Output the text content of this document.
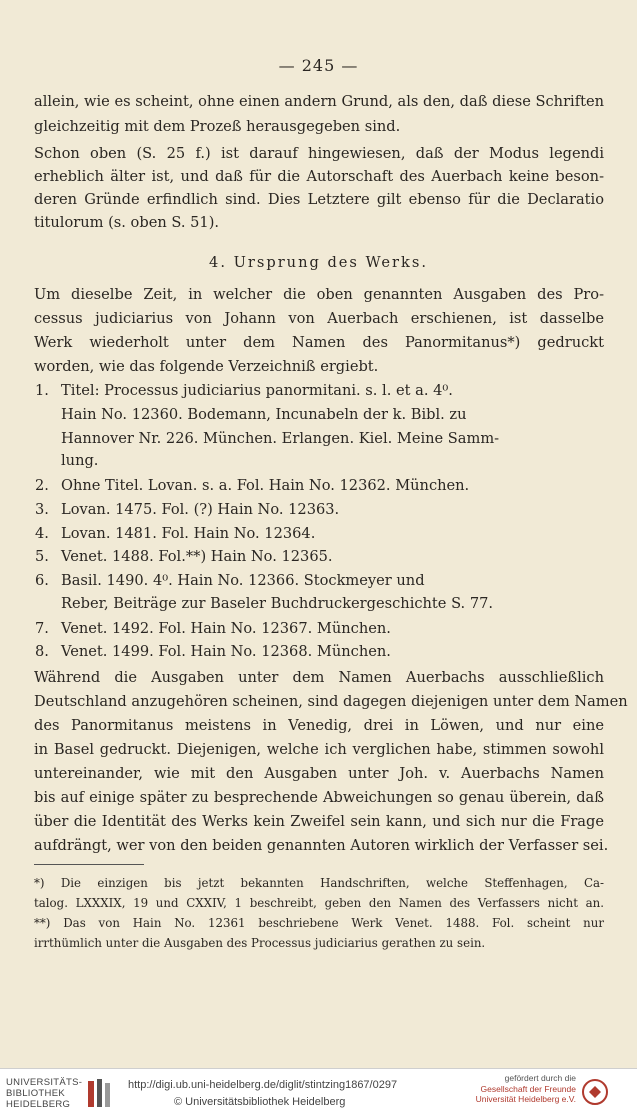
— 245 —
allein, wie es scheint, ohne einen andern Grund, als den, daß diese Schriften
gleichzeitig mit dem Prozeß herausgegeben sind.
Schon oben (S. 25 f.) ist darauf hingewiesen, daß der Modus legendi
erheblich älter ist, und daß für die Autorschaft des Auerbach keine beson-
deren Gründe erfindlich sind. Dies Letztere gilt ebenso für die Declaratio
titulorum (s. oben S. 51).
4. Ursprung des Werks.
Um dieselbe Zeit, in welcher die oben genannten Ausgaben des Pro-
cessus judiciarius von Johann von Auerbach erschienen, ist dasselbe
Werk wiederholt unter dem Namen des Panormitanus*) gedruckt
worden, wie das folgende Verzeichniß ergiebt.
1. Titel: Processus judiciarius panormitani. s. l. et a. 4⁰.
Hain No. 12360. Bodemann, Incunabeln der k. Bibl. zu
Hannover Nr. 226. München. Erlangen. Kiel. Meine Samm-
lung.
2. Ohne Titel. Lovan. s. a. Fol. Hain No. 12362. München.
3. Lovan. 1475. Fol. (?) Hain No. 12363.
4. Lovan. 1481. Fol. Hain No. 12364.
5. Venet. 1488. Fol.**) Hain No. 12365.
6. Basil. 1490. 4⁰. Hain No. 12366. Stockmeyer und
Reber, Beiträge zur Baseler Buchdruckergeschichte S. 77.
7. Venet. 1492. Fol. Hain No. 12367. München.
8. Venet. 1499. Fol. Hain No. 12368. München.
Während die Ausgaben unter dem Namen Auerbachs ausschließlich
Deutschland anzugehören scheinen, sind dagegen diejenigen unter dem Namen
des Panormitanus meistens in Venedig, drei in Löwen, und nur eine
in Basel gedruckt. Diejenigen, welche ich verglichen habe, stimmen sowohl
untereinander, wie mit den Ausgaben unter Joh. v. Auerbachs Namen
bis auf einige später zu besprechende Abweichungen so genau überein, daß
über die Identität des Werks kein Zweifel sein kann, und sich nur die Frage
aufdrängt, wer von den beiden genannten Autoren wirklich der Verfasser sei.
*) Die einzigen bis jetzt bekannten Handschriften, welche Steffenhagen, Ca-
talog. LXXXIX, 19 und CXXIV, 1 beschreibt, geben den Namen des Verfassers nicht an.
**) Das von Hain No. 12361 beschriebene Werk Venet. 1488. Fol. scheint nur
irrthümlich unter die Ausgaben des Processus judiciarius gerathen zu sein.
UNIVERSITÄTS-
BIBLIOTHEK
HEIDELBERG
http://digi.ub.uni-heidelberg.de/diglit/stintzing1867/0297
© Universitätsbibliothek Heidelberg
gefördert durch die
Gesellschaft der Freunde
Universität Heidelberg e.V.
